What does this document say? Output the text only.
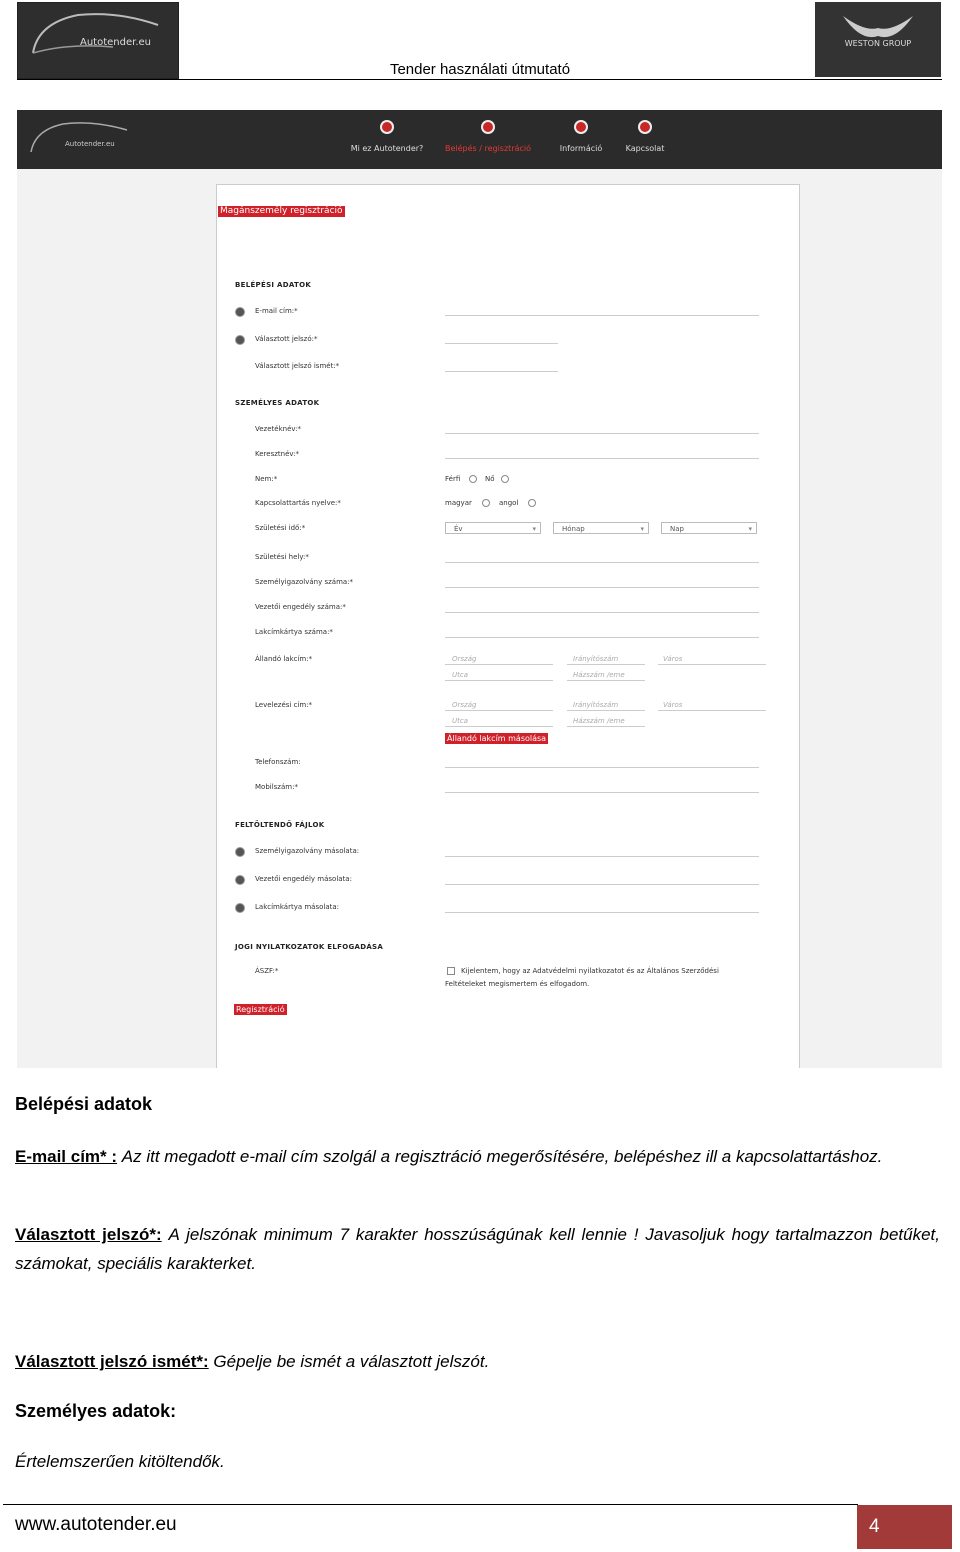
Autotender.eu	WESTON GROUP
Tender használati útmutató
Autotender.eu	Mi ez Autotender?	Belépés / regisztráció	Információ	Kapcsolat
Magánszemély regisztráció
BELÉPÉSI ADATOK
E-mail cím:*
Választott jelszó:*
Választott jelszó ismét:*
SZEMÉLYES ADATOK
Vezetéknév:*
Keresztnév:*
Nem:*	Férfi	Nő
Kapcsolattartás nyelve:*	magyar	angol
Születési idő:*	Év ▾	Hónap ▾	Nap ▾
Születési hely:*
Személyigazolvány száma:*
Vezetői engedély száma:*
Lakcímkártya száma:*
Állandó lakcím:*	Ország	Irányítószám	Város
Utca	Házszám /eme
Levelezési cím:*	Ország	Irányítószám	Város
Utca	Házszám /eme
Állandó lakcím másolása
Telefonszám:
Mobilszám:*
FELTÖLTENDŐ FÁJLOK
Személyigazolvány másolata:
Vezetői engedély másolata:
Lakcímkártya másolata:
JOGI NYILATKOZATOK ELFOGADÁSA
ÁSZF:*	Kijelentem, hogy az Adatvédelmi nyilatkozatot és az Általános Szerződési
Feltételeket megismertem és elfogadom.
Regisztráció
Belépési adatok
E-mail cím* : Az itt megadott e-mail cím szolgál a regisztráció megerősítésére, belépéshez ill a kapcsolattartáshoz.
Választott jelszó*: A jelszónak minimum 7 karakter hosszúságúnak kell lennie ! Javasoljuk hogy tartalmazzon betűket, számokat, speciális karakterket.
Választott jelszó ismét*: Gépelje be ismét a választott jelszót.
Személyes adatok:
Értelemszerűen kitöltendők.
www.autotender.eu	4
